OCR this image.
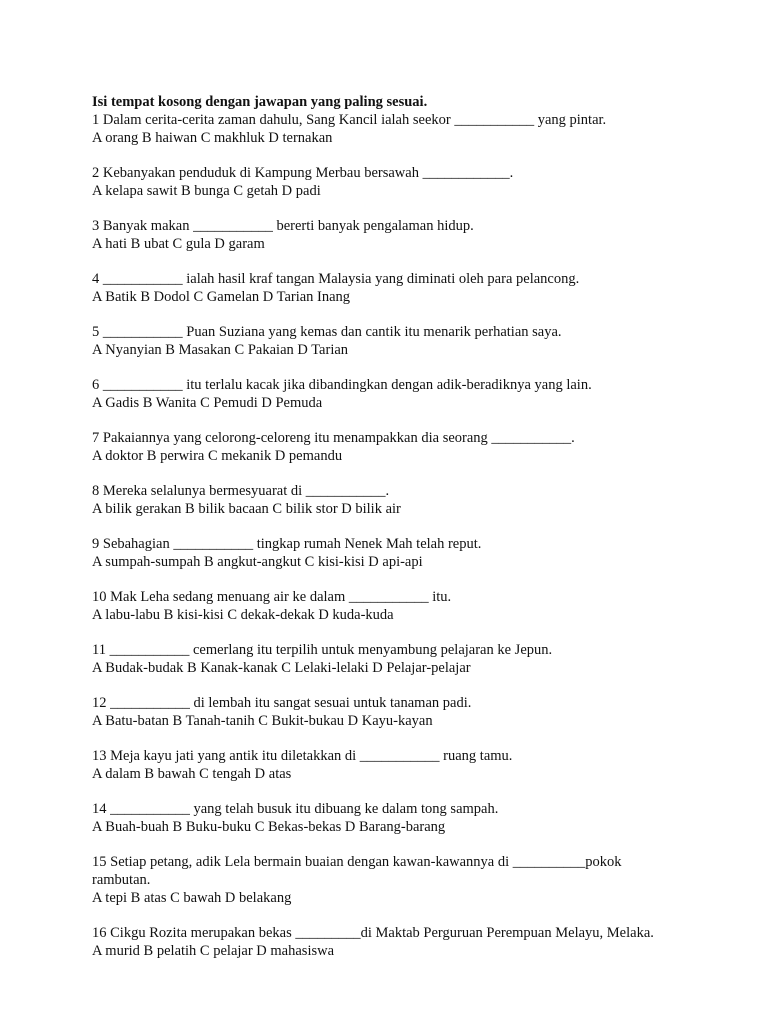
Isi tempat kosong dengan jawapan yang paling sesuai.

1 Dalam cerita-cerita zaman dahulu, Sang Kancil ialah seekor ___________ yang pintar.
A orang B haiwan C makhluk D ternakan
2 Kebanyakan penduduk di Kampung Merbau bersawah ____________.
A kelapa sawit B bunga C getah D padi
3 Banyak makan ___________ bererti banyak pengalaman hidup.
A hati B ubat C gula D garam
4 ___________ ialah hasil kraf tangan Malaysia yang diminati oleh para pelancong.
A Batik B Dodol C Gamelan D Tarian Inang
5 ___________ Puan Suziana yang kemas dan cantik itu menarik perhatian saya.
A Nyanyian B Masakan C Pakaian D Tarian
6 ___________ itu terlalu kacak jika dibandingkan dengan adik-beradiknya yang lain.
A Gadis B Wanita C Pemudi D Pemuda
7 Pakaiannya yang celorong-celoreng itu menampakkan dia seorang ___________.
A doktor B perwira C mekanik D pemandu
8 Mereka selalunya bermesyuarat di ___________.
A bilik gerakan B bilik bacaan C bilik stor D bilik air
9 Sebahagian ___________ tingkap rumah Nenek Mah telah reput.
A sumpah-sumpah B angkut-angkut C kisi-kisi D api-api
10 Mak Leha sedang menuang air ke dalam ___________ itu.
A labu-labu B kisi-kisi C dekak-dekak D kuda-kuda
11 ___________ cemerlang itu terpilih untuk menyambung pelajaran ke Jepun.
A Budak-budak B Kanak-kanak C Lelaki-lelaki D Pelajar-pelajar
12 ___________ di lembah itu sangat sesuai untuk tanaman padi.
A Batu-batan B Tanah-tanih C Bukit-bukau D Kayu-kayan
13 Meja kayu jati yang antik itu diletakkan di ___________ ruang tamu.
A dalam B bawah C tengah D atas
14 ___________ yang telah busuk itu dibuang ke dalam tong sampah.
A Buah-buah B Buku-buku C Bekas-bekas D Barang-barang
15 Setiap petang, adik Lela bermain buaian dengan kawan-kawannya di __________pokok rambutan.
A tepi B atas C bawah D belakang
16 Cikgu Rozita merupakan bekas _________di Maktab Perguruan Perempuan Melayu, Melaka.
A murid B pelatih C pelajar D mahasiswa
